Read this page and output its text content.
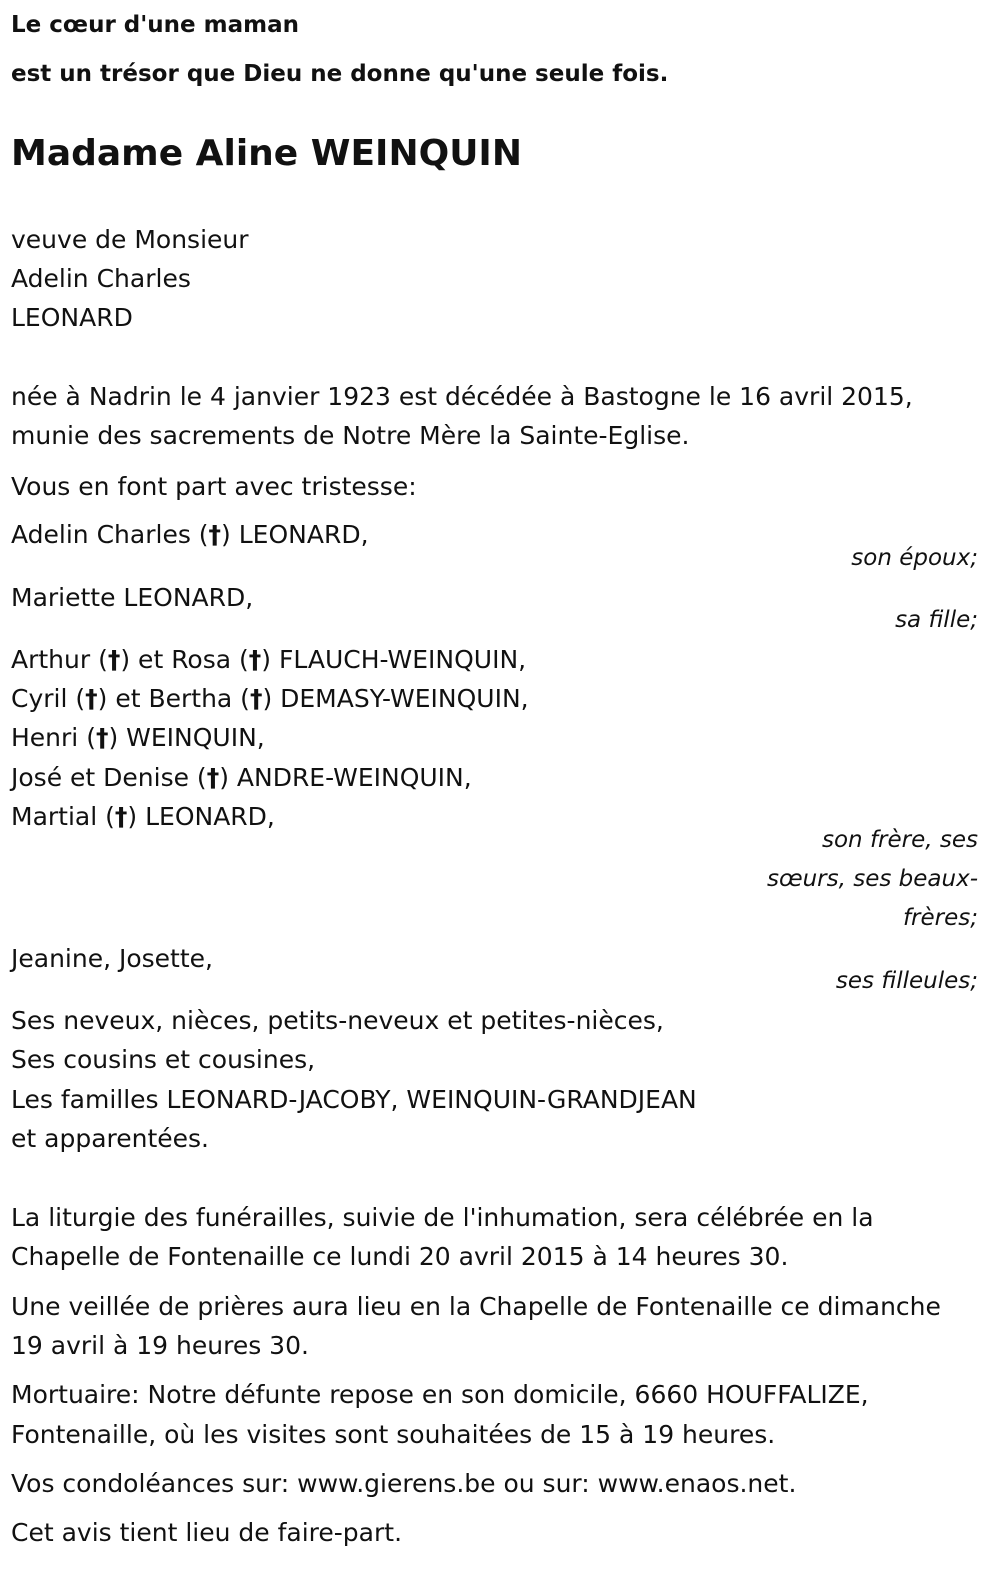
Le cœur d'une maman
est un trésor que Dieu ne donne qu'une seule fois.
Madame Aline WEINQUIN
veuve de Monsieur
Adelin Charles
LEONARD
née à Nadrin le 4 janvier 1923 est décédée à Bastogne le 16 avril 2015,
munie des sacrements de Notre Mère la Sainte-Eglise.
Vous en font part avec tristesse:
Adelin Charles (†) LEONARD,
son époux;
Mariette LEONARD,
sa fille;
Arthur (†) et Rosa (†) FLAUCH-WEINQUIN,
Cyril (†) et Bertha (†) DEMASY-WEINQUIN,
Henri (†) WEINQUIN,
José et Denise (†) ANDRE-WEINQUIN,
Martial (†) LEONARD,
son frère, ses
sœurs, ses beaux-
frères;
Jeanine, Josette,
ses filleules;
Ses neveux, nièces, petits-neveux et petites-nièces,
Ses cousins et cousines,
Les familles LEONARD-JACOBY, WEINQUIN-GRANDJEAN
et apparentées.
La liturgie des funérailles, suivie de l'inhumation, sera célébrée en la
Chapelle de Fontenaille ce lundi 20 avril 2015 à 14 heures 30.
Une veillée de prières aura lieu en la Chapelle de Fontenaille ce dimanche
19 avril à 19 heures 30.
Mortuaire: Notre défunte repose en son domicile, 6660 HOUFFALIZE,
Fontenaille, où les visites sont souhaitées de 15 à 19 heures.
Vos condoléances sur: www.gierens.be ou sur: www.enaos.net.
Cet avis tient lieu de faire-part.
